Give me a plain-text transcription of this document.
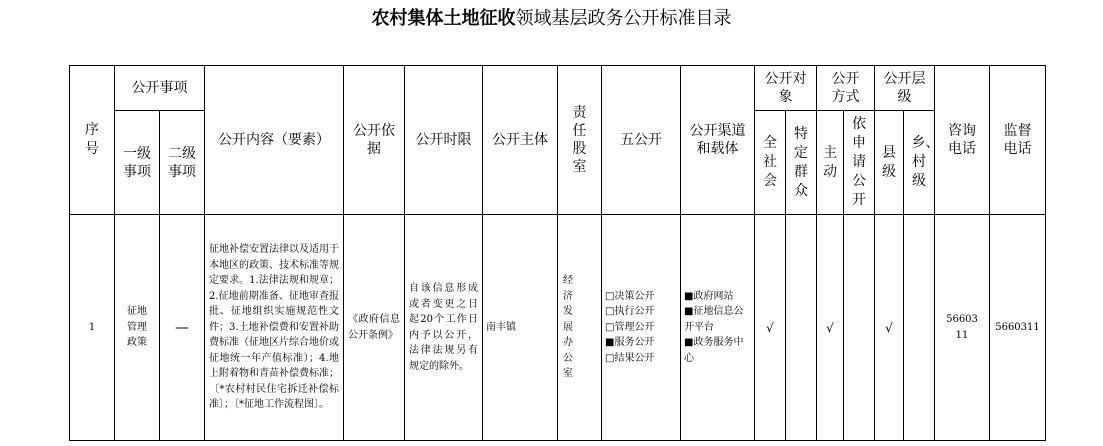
农村集体土地征收领域基层政务公开标准目录
序号	公开事项		公开内容（要素）	公开依据	公开时限	公开主体	责任股室	五公开	公开渠道和载体	公开对象		公开方式		公开层级		咨询电话	监督电话
	一级事项	二级事项								全社会	特定群众	主动	依申请公开	县级	乡、村级		
1	征地管理政策	—	征地补偿安置法律以及适用于本地区的政策、技术标准等规定要求。1.法律法规和规章；2.征地前期准备、征地审查报批、征地组织实施规范性文件；3.土地补偿费和安置补助费标准（征地区片综合地价或征地统一年产值标准）；4.地上附着物和青苗补偿费标准；〔*农村村民住宅拆迁补偿标准〕；〔*征地工作流程图〕。	《政府信息公开条例》	自该信息形成或者变更之日起20个工作日内予以公开，法律法规另有规定的除外。	南丰镇	经济发展办公室	□决策公开
□执行公开
□管理公开
■服务公开
□结果公开	■政府网站
■征地信息公开平台
■政务服务中心	√		√		√		5660311	5660311
